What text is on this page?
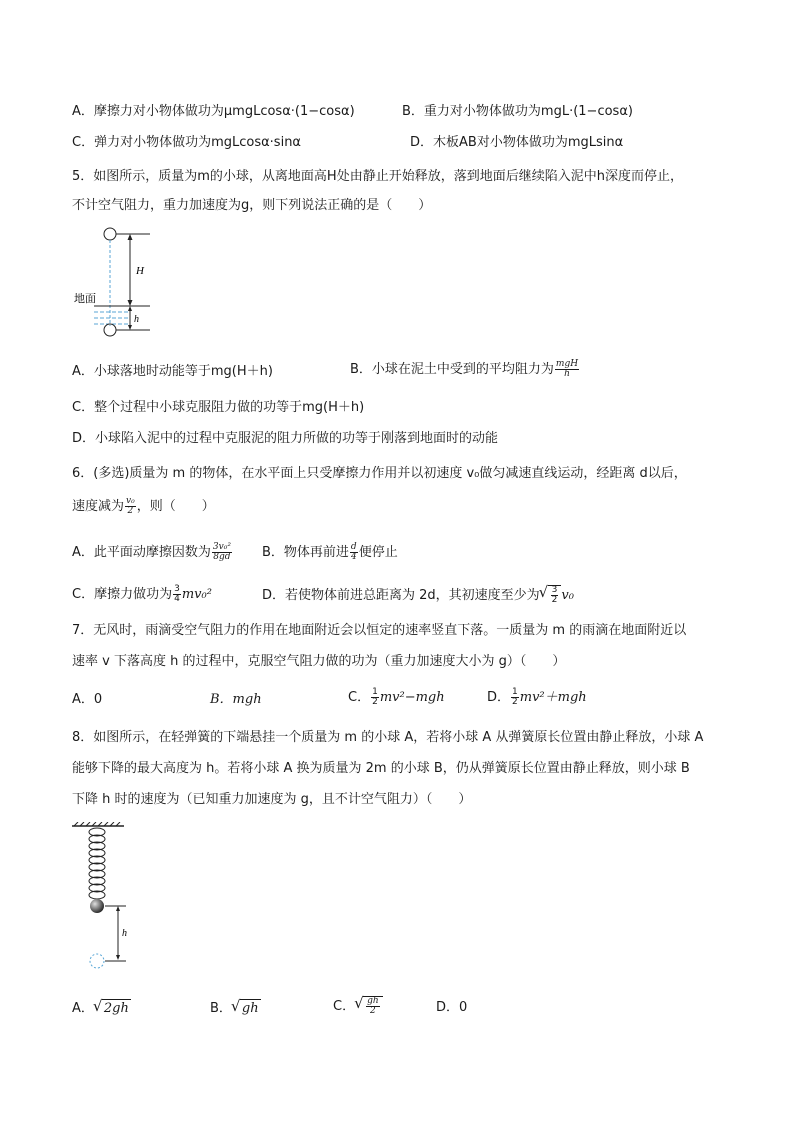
A．摩擦力对小物体做功为μmgLcosα·(1−cosα)	B．重力对小物体做功为mgL·(1−cosα)
C．弹力对小物体做功为mgLcosα·sinα	D．木板AB对小物体做功为mgLsinα
5．如图所示，质量为m的小球，从离地面高H处由静止开始释放，落到地面后继续陷入泥中h深度而停止，
不计空气阻力，重力加速度为g，则下列说法正确的是（　　）
H
地面
h
A．小球落地时动能等于mg(H＋h)	B．小球在泥土中受到的平均阻力为 $\frac{\text{mgH}}{h}$
C．整个过程中小球克服阻力做的功等于mg(H＋h)
D．小球陷入泥中的过程中克服泥的阻力所做的功等于刚落到地面时的动能
6．(多选)质量为 m 的物体，在水平面上只受摩擦力作用并以初速度 v₀做匀减速直线运动，经距离 d以后，
速度减为 $\frac{\text{v₀}}{2}$ ，则（　　）
A．此平面动摩擦因数为 $\frac{\text{3v₀²}}{8gd}$ B．物体再前进 $\frac{d}{4}$ 便停止
C．摩擦力做功为 $\frac{3}{4} mv_0^2$	D．若使物体前进总距离为 2d，其初速度至少为 √ $\frac{3}{2} v_0$
7．无风时，雨滴受空气阻力的作用在地面附近会以恒定的速率竖直下落。一质量为 m 的雨滴在地面附近以
速率 v 下落高度 h 的过程中，克服空气阻力做的功为（重力加速度大小为 g）（　　）
A．0	B．mgh	C． $\frac{1}{2} mv^2-mgh$	D． $\frac{1}{2} mv^2+mgh$
8．如图所示，在轻弹簧的下端悬挂一个质量为 m 的小球 A，若将小球 A 从弹簧原长位置由静止释放，小球 A
能够下降的最大高度为 h。若将小球 A 换为质量为 2m 的小球 B，仍从弹簧原长位置由静止释放，则小球 B
下降 h 时的速度为（已知重力加速度为 g，且不计空气阻力）（　　）
h
A． √ 2gh	B． √ gh	C． √ $\frac{gh}{2}$	D．0
